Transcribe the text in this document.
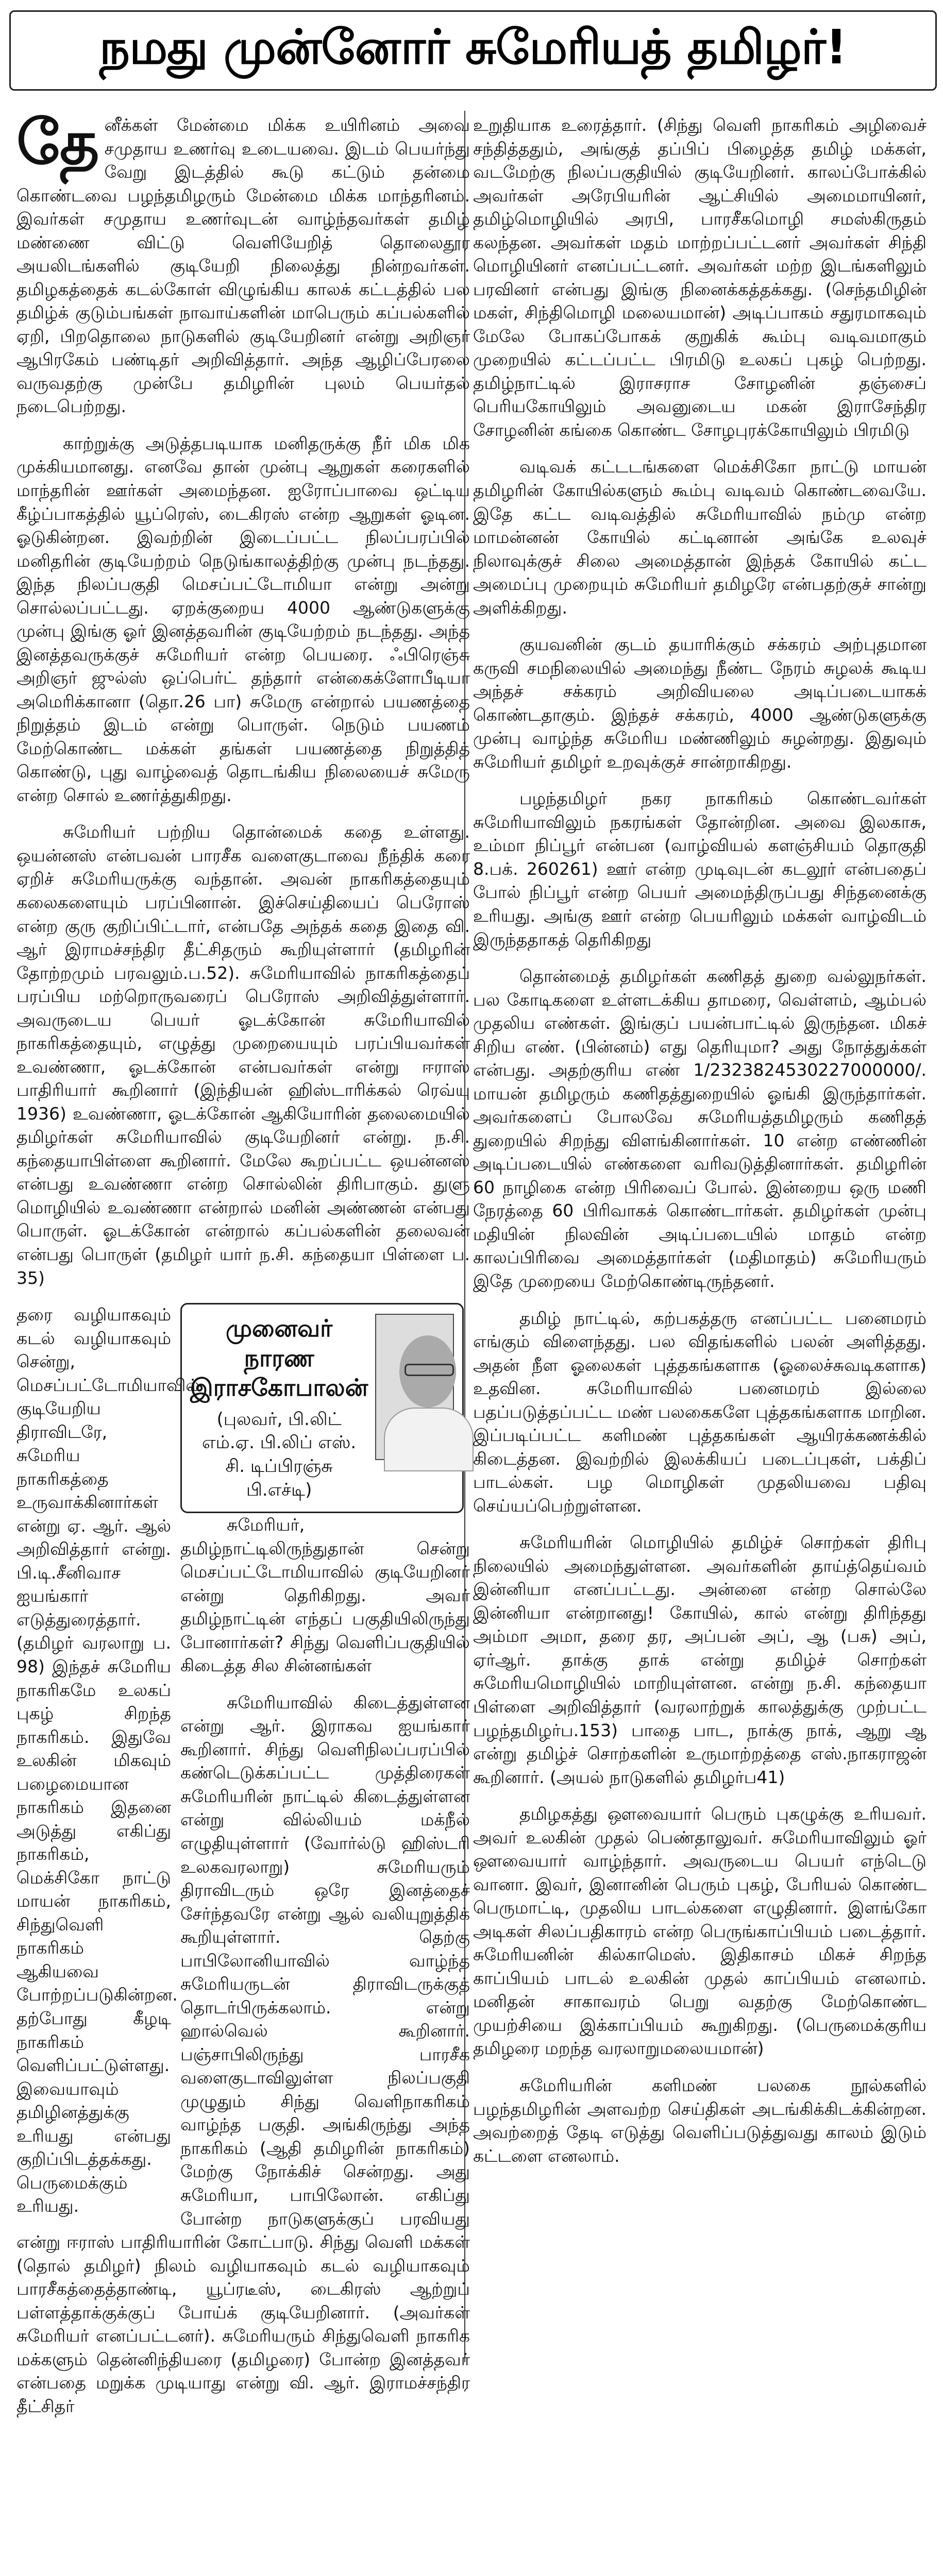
நமது முன்னோர் சுமேரியத் தமிழர்!

தேனீக்கள் மேன்மை மிக்க உயிரினம் அவை சமுதாய உணர்வு உடையவை. இடம் பெயர்ந்து வேறு இடத்தில் கூடு கட்டும் தன்மை கொண்டவை பழந்தமிழரும் மேன்மை மிக்க மாந்தரினம். இவர்கள் சமுதாய உணர்வுடன் வாழ்ந்தவர்கள் தமிழ் மண்ணை விட்டு வெளியேறித் தொலைதூர அயலிடங்களில் குடியேறி நிலைத்து நின்றவர்கள். தமிழகத்தைக் கடல்கோள் விழுங்கிய காலக் கட்டத்தில் பல தமிழ்க் குடும்பங்கள் நாவாய்களின் மாபெரும் கப்பல்களில் ஏறி, பிறதொலை நாடுகளில் குடியேறினர் என்று அறிஞர் ஆபிரகேம் பண்டிதர் அறிவித்தார். அந்த ஆழிப்பேரலை வருவதற்கு முன்பே தமிழரின் புலம் பெயர்தல் நடைபெற்றது.

காற்றுக்கு அடுத்தபடியாக மனிதருக்கு நீர் மிக மிக முக்கியமானது. எனவே தான் முன்பு ஆறுகள் கரைகளில் மாந்தரின் ஊர்கள் அமைந்தன. ஐரோப்பாவை ஒட்டிய கீழ்ப்பாகத்தில் யூப்ரெஸ், டைகிரஸ் என்ற ஆறுகள் ஓடின. ஓடுகின்றன. இவற்றின் இடைப்பட்ட நிலப்பரப்பில் மனிதரின் குடியேற்றம் நெடுங்காலத்திற்கு முன்பு நடந்தது. இந்த நிலப்பகுதி மெசப்பட்டோமியா என்று அன்று சொல்லப்பட்டது. ஏறக்குறைய 4000 ஆண்டுகளுக்கு முன்பு இங்கு ஓர் இனத்தவரின் குடியேற்றம் நடந்தது. அந்த இனத்தவருக்குச் சுமேரியர் என்ற பெயரை. ஃபிரெஞ்சு அறிஞர் ஜுல்ஸ் ஒப்பெர்ட் தந்தார் என்கைக்ளோபீடியா அமெரிக்கானா (தொ.26 பா) சுமேரு என்றால் பயணத்தை நிறுத்தம் இடம் என்று பொருள். நெடும் பயணம் மேற்கொண்ட மக்கள் தங்கள் பயணத்தை நிறுத்தித் கொண்டு, புது வாழ்வைத் தொடங்கிய நிலையைச் சுமேரு என்ற சொல் உணர்த்துகிறது.

சுமேரியர் பற்றிய தொன்மைக் கதை உள்ளது. ஒயன்னஸ் என்பவன் பாரசீக வளைகுடாவை நீந்திக் கரை ஏறிச் சுமேரியருக்கு வந்தான். அவன் நாகரிகத்தையும் கலைகளையும் பரப்பினான். இச்செய்தியைப் பெரோஸ் என்ற குரு குறிப்பிட்டார், என்பதே அந்தக் கதை இதை வி. ஆர் இராமச்சந்திர தீட்சிதரும் கூறியுள்ளார் (தமிழரின் தோற்றமும் பரவலும்.ப.52). சுமேரியாவில் நாகரிகத்தைப் பரப்பிய மற்றொருவரைப் பெரோஸ் அறிவித்துள்ளார். அவருடைய பெயர் ஓடக்கோன் சுமேரியாவில் நாகரிகத்தையும், எழுத்து முறையையும் பரப்பியவர்கள் உவண்ணா, ஓடக்கோன் என்பவர்கள் என்று ஈராஸ் பாதிரியார் கூறினார் (இந்தியன் ஹிஸ்டாரிக்கல் ரெவ்யு 1936) உவண்ணா, ஓடக்கோன் ஆகியோரின் தலைமையில் தமிழர்கள் சுமேரியாவில் குடியேறினர் என்று. ந.சி. கந்தையாபிள்ளை கூறினார். மேலே கூறப்பட்ட ஒயன்னஸ் என்பது உவண்ணா என்ற சொல்லின் திரிபாகும். துளு மொழியில் உவண்ணா என்றால் மனின் அண்ணன் என்பது பொருள். ஓடக்கோன் என்றால் கப்பல்களின் தலைவன் என்பது பொருள் (தமிழர் யார் ந.சி. கந்தையா பிள்ளை ப. 35)

தரை வழியாகவும் கடல் வழியாகவும் சென்று, மெசப்பட்டோமியாவில் குடியேறிய திராவிடரே, சுமேரிய நாகரிகத்தை உருவாக்கினார்கள் என்று ஏ. ஆர். ஆல் அறிவித்தார் என்று. பி.டி.சீனிவாச ஐயங்கார் எடுத்துரைத்தார். (தமிழர் வரலாறு ப. 98) இந்தச் சுமேரிய நாகரிகமே உலகப் புகழ் சிறந்த நாகரிகம். இதுவே உலகின் மிகவும் பழைமையான நாகரிகம் இதனை அடுத்து எகிப்து நாகரிகம், மெக்சிகோ நாட்டு மாயன் நாகரிகம், சிந்துவெளி நாகரிகம் ஆகியவை போற்றப்படுகின்றன. தற்போது கீழடி நாகரிகம் வெளிப்பட்டுள்ளது. இவையாவும் தமிழினத்துக்கு உரியது என்பது குறிப்பிடத்தக்கது. பெருமைக்கும் உரியது.
முனைவர் நாரண இராசகோபாலன்
(புலவர், பி.லிட் எம்.ஏ. பி.லிப் எஸ். சி. டிப்பிரஞ்சு பி.எச்டி)

சுமேரியர், தமிழ்நாட்டிலிருந்துதான் சென்று மெசப்பட்டோமியாவில் குடியேறினர் என்று தெரிகிறது. அவர் தமிழ்நாட்டின் எந்தப் பகுதியிலிருந்து போனார்கள்? சிந்து வெளிப்பகுதியில் கிடைத்த சில சின்னங்கள்

சுமேரியாவில் கிடைத்துள்ளன என்று ஆர். இராகவ ஐயங்கார் கூறினார். சிந்து வெளிநிலப்பரப்பில் கண்டெடுக்கப்பட்ட முத்திரைகள் சுமேரியரின் நாட்டில் கிடைத்துள்ளன என்று வில்லியம் மக்நீல் எழுதியுள்ளார் (வோர்ல்டு ஹிஸ்டரி உலகவரலாறு) சுமேரியரும் திராவிடரும் ஒரே இனத்தைச் சேர்ந்தவரே என்று ஆல் வலியுறுத்திக் கூறியுள்ளார். தெற்கு பாபிலோனியாவில் வாழ்ந்த சுமேரியருடன் திராவிடருக்குத் தொடர்பிருக்கலாம். என்று ஹால்வெல் கூறினார். பஞ்சாபிலிருந்து பாரசீக வளைகுடாவிலுள்ள நிலப்பகுதி முழுதும் சிந்து வெளிநாகரிகம் வாழ்ந்த பகுதி. அங்கிருந்து அந்த நாகரிகம் (ஆதி தமிழரின் நாகரிகம்) மேற்கு நோக்கிச் சென்றது. அது சுமேரியா, பாபிலோன். எகிப்து போன்ற நாடுகளுக்குப் பரவியது என்று ஈராஸ் பாதிரியாரின் கோட்பாடு. சிந்து வெளி மக்கள் (தொல் தமிழர்) நிலம் வழியாகவும் கடல் வழியாகவும் பாரசீகத்தைத்தாண்டி, யூப்ரடீஸ், டைகிரஸ் ஆற்றுப் பள்ளத்தாக்குக்குப் போய்க் குடியேறினார். (அவர்கள் சுமேரியர் எனப்பட்டனர்). சுமேரியரும் சிந்துவெளி நாகரிக மக்களும் தென்னிந்தியரை (தமிழரை) போன்ற இனத்தவர் என்பதை மறுக்க முடியாது என்று வி. ஆர். இராமச்சந்திர தீட்சிதர்

உறுதியாக உரைத்தார். (சிந்து வெளி நாகரிகம் அழிவைச் சந்தித்ததும், அங்குத் தப்பிப் பிழைத்த தமிழ் மக்கள், வடமேற்கு நிலப்பகுதியில் குடியேறினர். காலப்போக்கில் அவர்கள் அரேபியரின் ஆட்சியில் அமைமாயினர், தமிழ்மொழியில் அரபி, பாரசீகமொழி சமஸ்கிருதம் கலந்தன. அவர்கள் மதம் மாற்றப்பட்டனர் அவர்கள் சிந்தி மொழியினர் எனப்பட்டனர். அவர்கள் மற்ற இடங்களிலும் பரவினர் என்பது இங்கு நினைக்கத்தக்கது. (செந்தமிழின் மகள், சிந்திமொழி மலையமான்) அடிப்பாகம் சதுரமாகவும் மேலே போகப்போகக் குறுகிக் கூம்பு வடிவமாகும் முறையில் கட்டப்பட்ட பிரமிடு உலகப் புகழ் பெற்றது. தமிழ்நாட்டில் இராசராச சோழனின் தஞ்சைப் பெரியகோயிலும் அவனுடைய மகன் இராசேந்திர சோழனின் கங்கை கொண்ட சோழபுரக்கோயிலும் பிரமிடு

வடிவக் கட்டடங்களை மெக்சிகோ நாட்டு மாயன் தமிழரின் கோயில்களும் கூம்பு வடிவம் கொண்டவையே. இதே கட்ட வடிவத்தில் சுமேரியாவில் நம்மு என்ற மாமன்னன் கோயில் கட்டினான் அங்கே உலவுச் நிலாவுக்குச் சிலை அமைத்தான் இந்தக் கோயில் கட்ட அமைப்பு முறையும் சுமேரியர் தமிழரே என்பதற்குச் சான்று அளிக்கிறது.

குயவனின் குடம் தயாரிக்கும் சக்கரம் அற்புதமான கருவி சமநிலையில் அமைந்து நீண்ட நேரம் சுழலக் கூடிய அந்தச் சக்கரம் அறிவியலை அடிப்படையாகக் கொண்டதாகும். இந்தச் சக்கரம், 4000 ஆண்டுகளுக்கு முன்பு வாழ்ந்த சுமேரிய மண்ணிலும் சுழன்றது. இதுவும் சுமேரியர் தமிழர் உறவுக்குச் சான்றாகிறது.

பழந்தமிழர் நகர நாகரிகம் கொண்டவர்கள் சுமேரியாவிலும் நகரங்கள் தோன்றின. அவை இலகாசு, உம்மா நிப்பூர் என்பன (வாழ்வியல் களஞ்சியம் தொகுதி 8.பக். 260261) ஊர் என்ற முடிவுடன் கடலூர் என்பதைப் போல் நிப்பூர் என்ற பெயர் அமைந்திருப்பது சிந்தனைக்கு உரியது. அங்கு ஊர் என்ற பெயரிலும் மக்கள் வாழ்விடம் இருந்ததாகத் தெரிகிறது

தொன்மைத் தமிழர்கள் கணிதத் துறை வல்லுநர்கள். பல கோடிகளை உள்ளடக்கிய தாமரை, வெள்ளம், ஆம்பல் முதலிய எண்கள். இங்குப் பயன்பாட்டில் இருந்தன. மிகச் சிறிய எண். (பின்னம்) எது தெரியுமா? அது நோத்துக்கள் என்பது. அதற்குரிய எண் 1/2323824530227000000/. மாயன் தமிழரும் கணிதத்துறையில் ஓங்கி இருந்தார்கள். அவர்களைப் போலவே சுமேரியத்தமிழரும் கணிதத் துறையில் சிறந்து விளங்கினார்கள். 10 என்ற எண்ணின் அடிப்படையில் எண்களை வரிவடுத்தினார்கள். தமிழரின் 60 நாழிகை என்ற பிரிவைப் போல். இன்றைய ஒரு மணி நேரத்தை 60 பிரிவாகக் கொண்டார்கள். தமிழர்கள் முன்பு மதியின் நிலவின் அடிப்படையில் மாதம் என்ற காலப்பிரிவை அமைத்தார்கள் (மதிமாதம்) சுமேரியரும் இதே முறையை மேற்கொண்டிருந்தனர்.

தமிழ் நாட்டில், கற்பகத்தரு எனப்பட்ட பனைமரம் எங்கும் விளைந்தது. பல விதங்களில் பலன் அளித்தது. அதன் நீள ஓலைகள் புத்தகங்களாக (ஓலைச்சுவடிகளாக) உதவின. சுமேரியாவில் பனைமரம் இல்லை பதப்படுத்தப்பட்ட மண் பலகைகளே புத்தகங்களாக மாறின. இப்படிப்பட்ட களிமண் புத்தகங்கள் ஆயிரக்கணக்கில் கிடைத்தன. இவற்றில் இலக்கியப் படைப்புகள், பக்திப் பாடல்கள். பழ மொழிகள் முதலியவை பதிவு செய்யப்பெற்றுள்ளன.

சுமேரியரின் மொழியில் தமிழ்ச் சொற்கள் திரிபு நிலையில் அமைந்துள்ளன. அவர்களின் தாய்த்தெய்வம் இன்னியா எனப்பட்டது. அன்னை என்ற சொல்லே இன்னியா என்றானது! கோயில், கால் என்று திரிந்தது அம்மா அமா, தரை தர, அப்பன் அப், ஆ (பசு) அப், ஏர்ஆர். தாக்கு தாக் என்று தமிழ்ச் சொற்கள் சுமேரியமொழியில் மாறியுள்ளன. என்று ந.சி. கந்தையா பிள்ளை அறிவித்தார் (வரலாற்றுக் காலத்துக்கு முற்பட்ட பழந்தமிழர்ப.153) பாதை பாட, நாக்கு நாக், ஆறு ஆ என்று தமிழ்ச் சொற்களின் உருமாற்றத்தை எஸ்.நாகராஜன் கூறினார். (அயல் நாடுகளில் தமிழர்ப41)

தமிழகத்து ஔவையார் பெரும் புகழுக்கு உரியவர். அவர் உலகின் முதல் பெண்தாலுவர். சுமேரியாவிலும் ஓர் ஔவையார் வாழ்ந்தார். அவருடைய பெயர் எந்டெடு வானா. இவர், இனானின் பெரும் புகழ், பேரியல் கொண்ட பெருமாட்டி, முதலிய பாடல்களை எழுதினார். இளங்கோ அடிகள் சிலப்பதிகாரம் என்ற பெருங்காப்பியம் படைத்தார். சுமேரியனின் கில்காமெஸ். இதிகாசம் மிகச் சிறந்த காப்பியம் பாடல் உலகின் முதல் காப்பியம் எனலாம். மனிதன் சாகாவரம் பெறு வதற்கு மேற்கொண்ட முயற்சியை இக்காப்பியம் கூறுகிறது. (பெருமைக்குரிய தமிழரை மறந்த வரலாறுமலையமான்)

சுமேரியரின் களிமண் பலகை நூல்களில் பழந்தமிழரின் அளவற்ற செய்திகள் அடங்கிக்கிடக்கின்றன. அவற்றைத் தேடி எடுத்து வெளிப்படுத்துவது காலம் இடும் கட்டளை எனலாம்.
